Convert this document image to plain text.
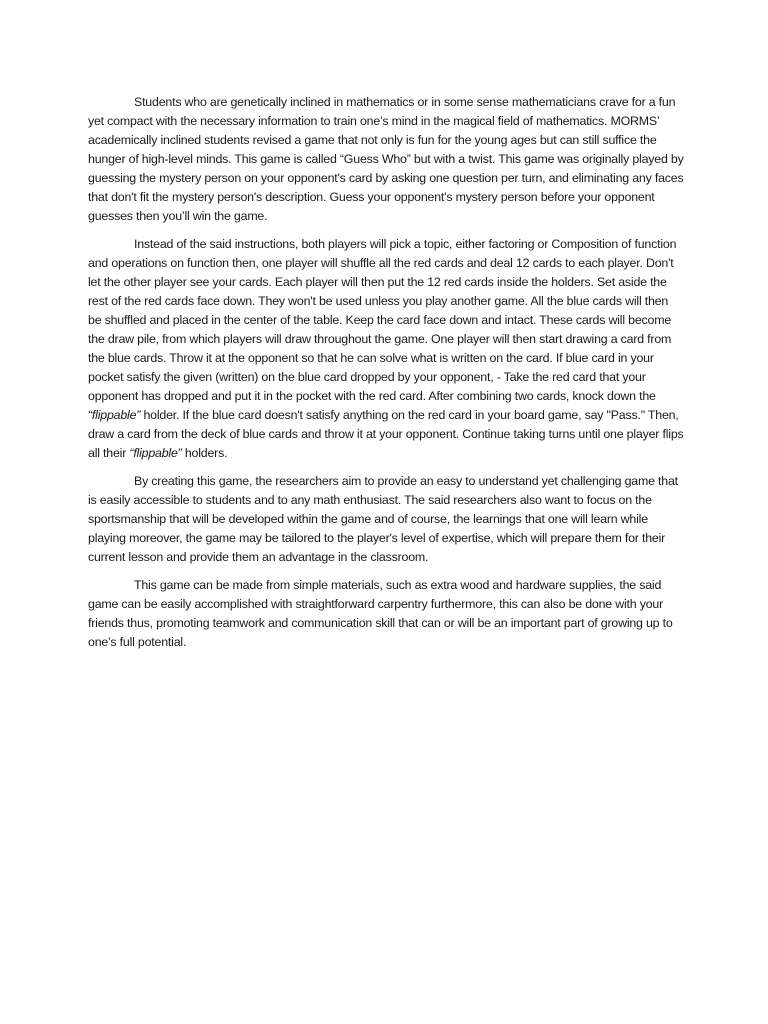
Students who are genetically inclined in mathematics or in some sense mathematicians crave for a fun yet compact with the necessary information to train one’s mind in the magical field of mathematics. MORMS’ academically inclined students revised a game that not only is fun for the young ages but can still suffice the hunger of high-level minds. This game is called “Guess Who” but with a twist. This game was originally played by guessing the mystery person on your opponent's card by asking one question per turn, and eliminating any faces that don't fit the mystery person's description. Guess your opponent's mystery person before your opponent guesses then you’ll win the game.

Instead of the said instructions, both players will pick a topic, either factoring or Composition of function and operations on function then, one player will shuffle all the red cards and deal 12 cards to each player. Don't let the other player see your cards. Each player will then put the 12 red cards inside the holders. Set aside the rest of the red cards face down. They won't be used unless you play another game. All the blue cards will then be shuffled and placed in the center of the table. Keep the card face down and intact. These cards will become the draw pile, from which players will draw throughout the game. One player will then start drawing a card from the blue cards. Throw it at the opponent so that he can solve what is written on the card. If blue card in your pocket satisfy the given (written) on the blue card dropped by your opponent, - Take the red card that your opponent has dropped and put it in the pocket with the red card. After combining two cards, knock down the “flippable” holder. If the blue card doesn't satisfy anything on the red card in your board game, say "Pass." Then, draw a card from the deck of blue cards and throw it at your opponent. Continue taking turns until one player flips all their “flippable” holders.

By creating this game, the researchers aim to provide an easy to understand yet challenging game that is easily accessible to students and to any math enthusiast. The said researchers also want to focus on the sportsmanship that will be developed within the game and of course, the learnings that one will learn while playing moreover, the game may be tailored to the player's level of expertise, which will prepare them for their current lesson and provide them an advantage in the classroom.

This game can be made from simple materials, such as extra wood and hardware supplies, the said game can be easily accomplished with straightforward carpentry furthermore, this can also be done with your friends thus, promoting teamwork and communication skill that can or will be an important part of growing up to one’s full potential.
